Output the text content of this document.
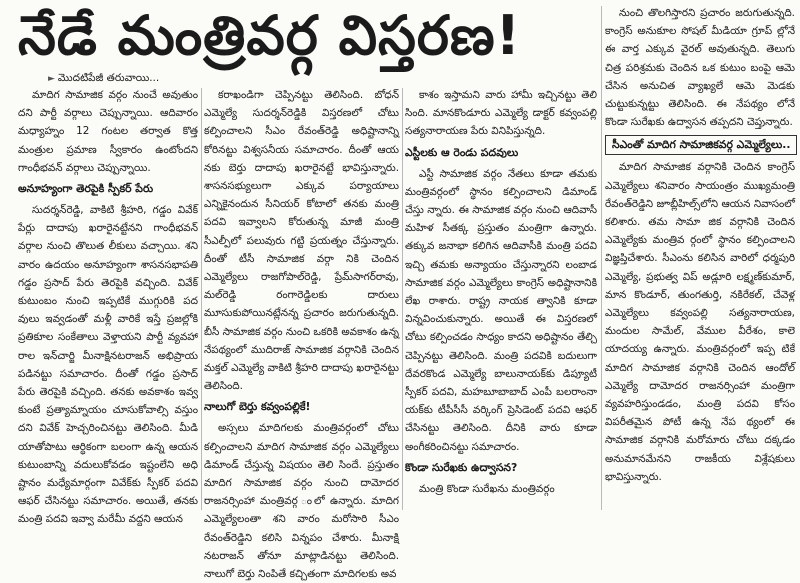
నేడే మంత్రివర్గ విస్తరణ!
► మొదటిపేజీ తరువాయి...

మాదిగ సామాజిక వర్గం నుంచే అవుతుం దని పార్టీ వర్గాలు చెప్పున్నాయి. ఆదివారం మధ్యాహ్నం 12 గంటల తర్వాత కొత్త మంత్రుల ప్రమాణ స్వీకారం ఉంటోందని గాంధీభవన్ వర్గాలు చెప్పున్నాయి.

అనూహ్యంగా తెరపైకి స్పీకర్ పేరు

సుదర్శన్‌రెడ్డి, వాకిటి శ్రీహరి, గడ్డం వివేక్ పేర్లు దాదాపు ఖరారైనట్టేనని గాంధీభవన్ వర్గాల నుంచి తొలుత లీకులు వచ్చాయి. శని వారం ఉదయం అనూహ్యంగా శాసనసభాపతి గడ్డం ప్రసాద్ పేరు తెరపైకి వచ్చింది. వివేక్ కుటుంబం నుంచి ఇప్పటికే ముగ్గురికి పద వులు ఇవ్వడంతో మళ్లీ వారికే ఇస్తే ప్రజల్లోకి ప్రతికూల సంకేతాలు వెళ్తాయని పార్టీ వ్యవహా రాల ఇన్‌చార్జి మీనాక్షినటరాజన్ అభిప్రాయ పడినట్టు సమాచారం. దీంతో గడ్డం ప్రసాద్ పేరు తెరపైకి వచ్చింది. తనకు అవకాశం ఇవ్వ కుంటే ప్రత్యామ్నాయం చూసుకోవాల్సి వస్తుం దని వివేక్ హెచ్చరించినట్టు తెలిసింది. మీడి యాతోపాటు ఆర్థికంగా బలంగా ఉన్న ఆయన కుటుంబాన్ని వదులుకోవడం ఇష్టంలేని అధి ష్టానం మధ్యేమార్గంగా వివేక్‌కు స్పీకర్ పదవి ఆఫర్ చేసినట్టు సమాచారం. అయితే, తనకు మంత్రి పదవి ఇవ్వా మరేమీ వద్దని ఆయన

కరాఖండిగా చెప్పినట్టు తెలిసింది. బోధన్ ఎమ్మెల్యే సుదర్శన్‌రెడ్డికి విస్తరణలో చోటు కల్పించాలని సీఎం రేవంత్‌రెడ్డి అధిష్టానాన్ని కోరినట్టు విశ్వసనీయ సమాచారం. దీంతో ఆయ నకు బెర్తు దాదాపు ఖరారైనట్టే భావిస్తున్నారు. శాసనసభ్యులుగా ఎక్కువ పర్యాయాలు ఎన్నికైనందున సీనియర్ కోటాలో తనకు మంత్రి పదవి ఇవ్వాలని కోరుతున్న మాజీ మంత్రి సీఎల్పీలో పలువురు గట్టి ప్రయత్నం చేస్తున్నారు. దీంతో టీసీ సామాజిక వర్గా నికి చెందిన ఎమ్మెల్యేలు రాజగోపాల్‌రెడ్డి, ప్రేమ్‌సాగర్‌రావు, మల్‌రెడ్డి రంగారెడ్డిలకు దారులు మూసుకుపోయినట్లేనన్న ప్రచారం జరుగుతున్నది. బీసీ సామాజిక వర్గం నుంచి ఒకరికి అవకాశం ఉన్న నేపథ్యంలో ముదిరాజ్ సామాజిక వర్గానికి చెందిన మక్తల్ ఎమ్మెల్యే వాకిటి శ్రీహరి దాదాపు ఖరారైనట్టు తెలిసింది.

నాలుగో బెర్తు కవ్వంపల్లికే!

అస్సలు మాదిగలకు మంత్రివర్గంలో చోటు కల్పించాలని మాదిగ సామాజిక వర్గం ఎమ్మెల్యేలు డిమాండ్ చేస్తున్న విషయం తెలి సిందే. ప్రస్తుతం మాదిగ సామాజిక వర్గం నుంచి దామోదర రాజనర్సింహా మంత్రివర్గ ంలో ఉన్నారు. మాదిగ ఎమ్మెల్యేలంతా శని వారం మరోసారి సీఎం రేవంత్‌రెడ్డిని కలిసి విన్నపం చేశారు. మీనాక్షి నటరాజన్ తోనూ మాట్లాడినట్టు తెలిసింది. నాలుగో బెర్తు నింపితే కచ్చితంగా మాదిగలకు అవ

కాశం ఇస్తామని వారు హామీ ఇచ్చినట్టు తెలి సింది. మానకొండూరు ఎమ్మెల్యే డాక్టర్ కవ్వంపల్లి సత్యనారాయణ పేరు వినిపిస్తున్నది.

ఎస్టీలకు ఆ రెండు పదవులు

ఎస్టీ సామాజిక వర్గం నేతలు కూడా తమకు మంత్రివర్గంలో స్థానం కల్పించాలని డిమాండ్ చేస్తు న్నారు. ఈ సామాజిక వర్గం నుంచి ఆదివాసీ మహిళ సీతక్క ప్రస్తుతం మంత్రిగా ఉన్నారు. తక్కువ జనాభా కలిగిన ఆదివాసీకి మంత్రి పదవి ఇచ్చి తమకు అన్యాయం చేస్తున్నారని లంబాడ సామాజిక వర్గం ఎమ్మెల్యేలు కాంగ్రెస్ అధిష్టానానికి లేఖ రాశారు. రాష్ట్ర నాయక త్వానికి కూడా విన్నవించుకున్నారు. అయితే ఈ విస్తరణలో చోటు కల్పించడం సాధ్యం కాదని అధిష్టానం తేల్చి చెప్పినట్టు తెలిసింది. మంత్రి పదవికి బదులుగా దేవరకొండ ఎమ్మెల్యే బాలునాయక్‌కు డిప్యూటీ స్పీకర్ పదవి, మహబూబాబాద్ ఎంపీ బలరాంనా యక్‌కు టీపీసీసీ వర్కింగ్ ప్రెసిడెంట్ పదవి ఆఫర్ చేసినట్టు తెలిసింది. దీనికి వారు కూడా అంగీకరించినట్టు సమాచారం.

కొండా సురేఖకు ఉద్వాసన?

మంత్రి కొండా సురేఖను మంత్రివర్గం

నుంచి తొలగిస్తారని ప్రచారం జరుగుతున్నది. కాంగ్రెస్ అనుకూల సోషల్ మీడియా గ్రూప్ ల్లోనే ఈ వార్త ఎక్కువ వైరల్ అవుతున్నది. తెలుగు చిత్ర పరిశ్రమకు చెందిన ఒక కుటుం బంపై ఆమె చేసిన అనుచిత వ్యాఖ్యలే ఆమె మెడకు చుట్టుకున్నట్టు తెలిసింది. ఈ నేపథ్యం లోనే కొండా సురేఖకు ఉద్వాసన తప్పదని చెప్తున్నారు.

సీఎంతో మాదిగ సామాజికవర్గ ఎమ్మెల్యేలు..

మాదిగ సామాజిక వర్గానికి చెందిన కాంగ్రెస్ ఎమ్మెల్యేలు శనివారం సాయంత్రం ముఖ్యమంత్రి రేవంత్‌రెడ్డిని జూబ్లీహిల్స్‌లోని ఆయన నివాసంలో కలిశారు. తమ సామా జిక వర్గానికి చెందిన ఎమ్మెల్యేకు మంత్రివ ర్గంలో స్థానం కల్పించాలని విజ్ఞప్తిచేశారు. సీఎంను కలిసిన వారిలో ధర్మపురి ఎమ్మెల్యే, ప్రభుత్వ విప్ అడ్లూరి లక్ష్మణ్‌కుమార్, మాన కొండూర్, తుంగతుర్తి, నకిరేకల్, చేవెళ్ల ఎమ్మెల్యేలు కవ్వంపల్లి సత్యనారాయణ, మందుల సామేల్, వేముల వీరేశం, కాలె యాదయ్య ఉన్నారు. మంత్రివర్గంలో ఇప్ప టికే మాదిగ సామాజిక వర్గానికి చెందిన ఆందోల్ ఎమ్మెల్యే దామోదర రాజనర్సింహా మంత్రిగా వ్యవహరిస్తుండడం, మంత్రి పదవి కోసం విపరీతమైన పోటీ ఉన్న నేప థ్యంలో ఈ సామాజిక వర్గానికి మరోమారు చోటు దక్కడం అనుమానమేనని రాజకీయ విశ్లేషకులు భావిస్తున్నారు.
